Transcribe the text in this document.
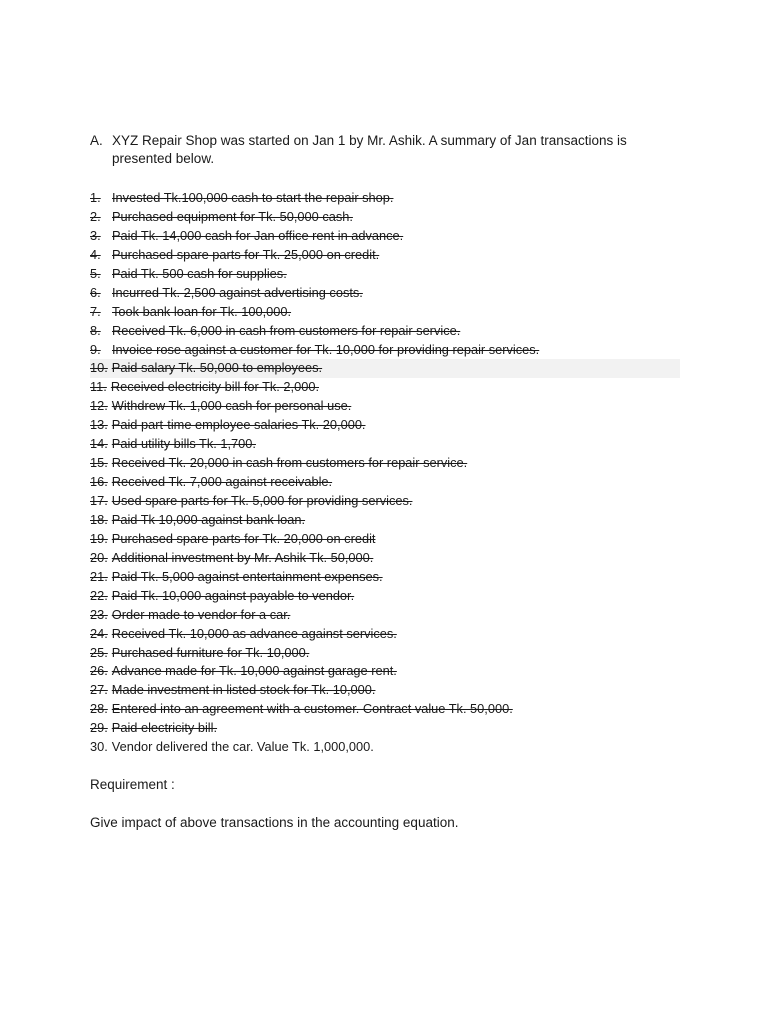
A. XYZ Repair Shop was started on Jan 1 by Mr. Ashik. A summary of Jan transactions is presented below.
1. Invested Tk.100,000 cash to start the repair shop.
2. Purchased equipment for Tk. 50,000 cash.
3. Paid Tk. 14,000 cash for Jan office rent in advance.
4. Purchased spare parts for Tk. 25,000 on credit.
5. Paid Tk. 500 cash for supplies.
6. Incurred Tk. 2,500 against advertising costs.
7. Took bank loan for Tk. 100,000.
8. Received Tk. 6,000 in cash from customers for repair service.
9. Invoice rose against a customer for Tk. 10,000 for providing repair services.
10. Paid salary Tk. 50,000 to employees.
11. Received electricity bill for Tk. 2,000.
12. Withdrew Tk. 1,000 cash for personal use.
13. Paid part-time employee salaries Tk. 20,000.
14. Paid utility bills Tk. 1,700.
15. Received Tk. 20,000 in cash from customers for repair service.
16. Received Tk. 7,000 against receivable.
17. Used spare parts for Tk. 5,000 for providing services.
18. Paid Tk 10,000 against bank loan.
19. Purchased spare parts for Tk. 20,000 on credit
20. Additional investment by Mr. Ashik Tk. 50,000.
21. Paid Tk. 5,000 against entertainment expenses.
22. Paid Tk. 10,000 against payable to vendor.
23. Order made to vendor for a car.
24. Received Tk. 10,000 as advance against services.
25. Purchased furniture for Tk. 10,000.
26. Advance made for Tk. 10,000 against garage rent.
27. Made investment in listed stock for Tk. 10,000.
28. Entered into an agreement with a customer. Contract value Tk. 50,000.
29. Paid electricity bill.
30. Vendor delivered the car. Value Tk. 1,000,000.
Requirement :
Give impact of above transactions in the accounting equation.
